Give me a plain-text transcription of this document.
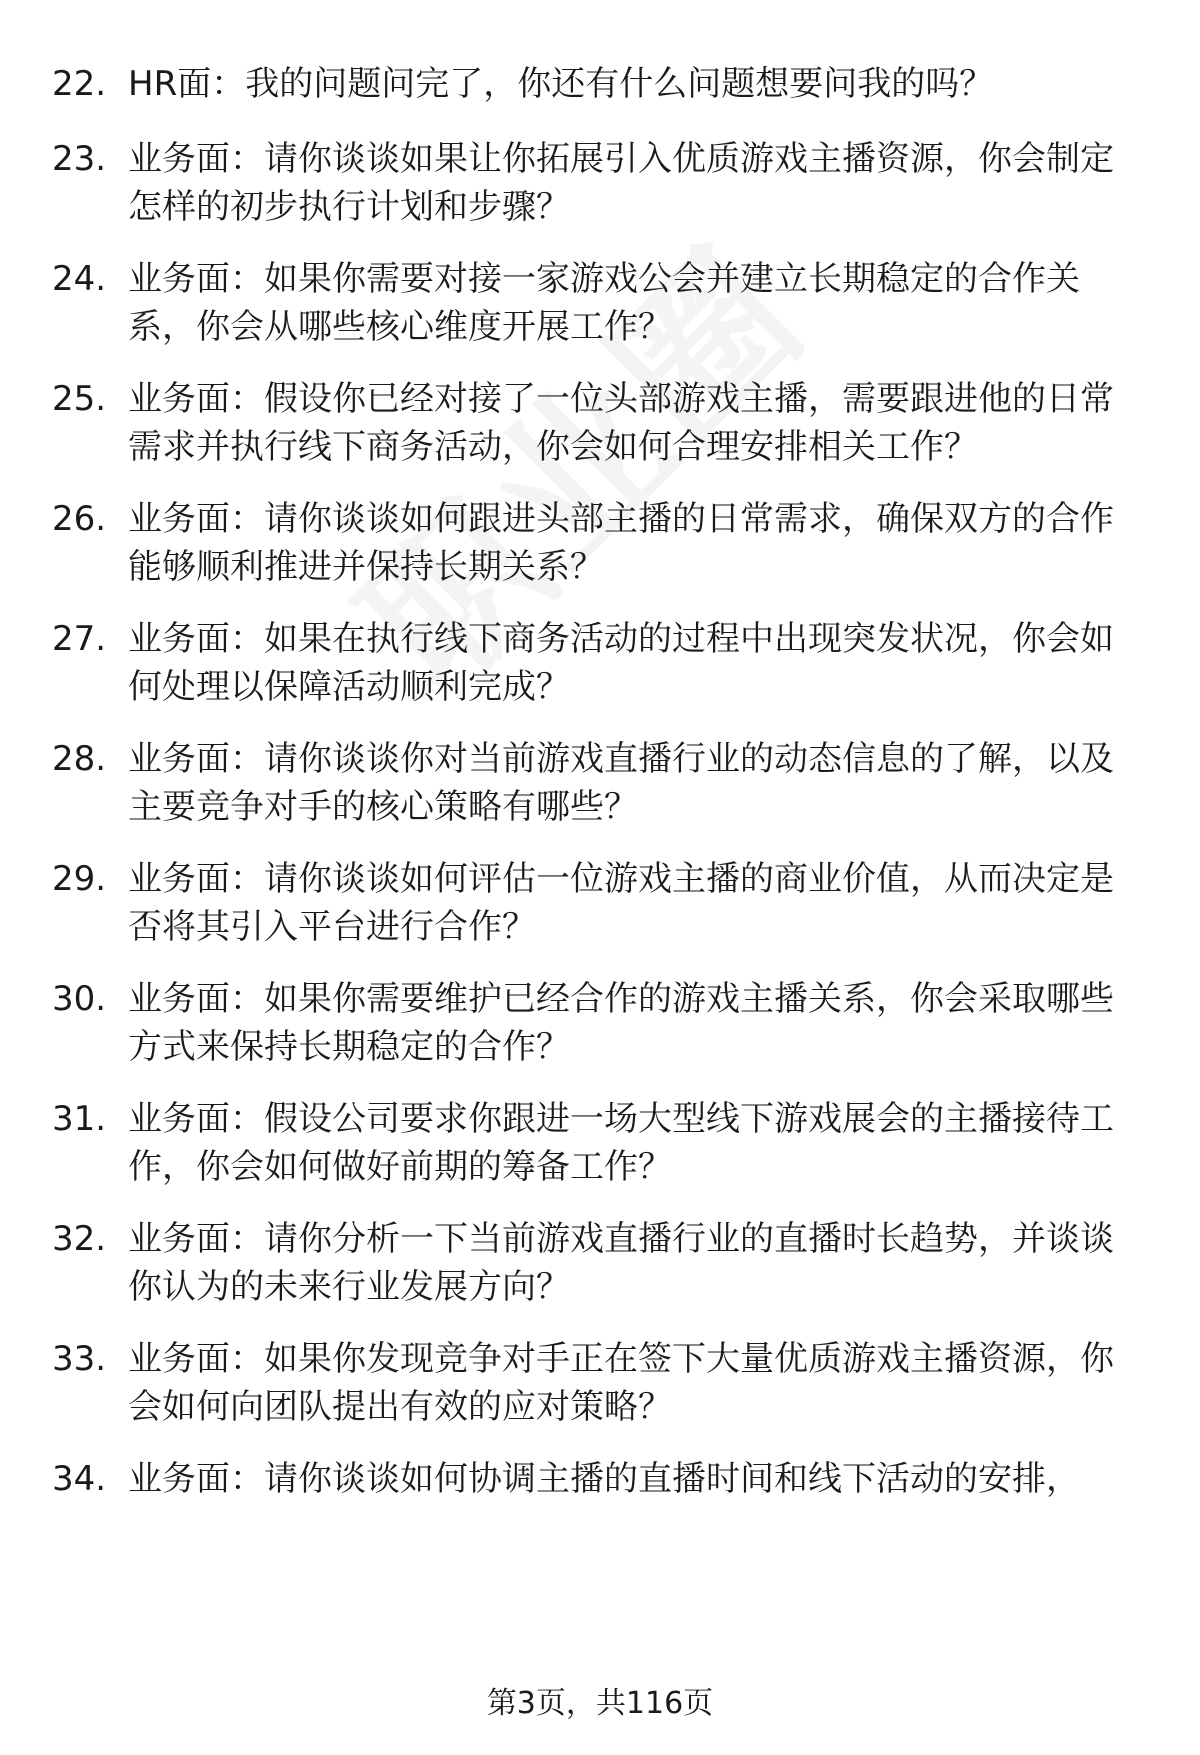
22. HR面：我的问题问完了，你还有什么问题想要问我的吗？
23. 业务面：请你谈谈如果让你拓展引入优质游戏主播资源，你会制定怎样的初步执行计划和步骤？
24. 业务面：如果你需要对接一家游戏公会并建立长期稳定的合作关系，你会从哪些核心维度开展工作？
25. 业务面：假设你已经对接了一位头部游戏主播，需要跟进他的日常需求并执行线下商务活动，你会如何合理安排相关工作？
26. 业务面：请你谈谈如何跟进头部主播的日常需求，确保双方的合作能够顺利推进并保持长期关系？
27. 业务面：如果在执行线下商务活动的过程中出现突发状况，你会如何处理以保障活动顺利完成？
28. 业务面：请你谈谈你对当前游戏直播行业的动态信息的了解，以及主要竞争对手的核心策略有哪些？
29. 业务面：请你谈谈如何评估一位游戏主播的商业价值，从而决定是否将其引入平台进行合作？
30. 业务面：如果你需要维护已经合作的游戏主播关系，你会采取哪些方式来保持长期稳定的合作？
31. 业务面：假设公司要求你跟进一场大型线下游戏展会的主播接待工作，你会如何做好前期的筹备工作？
32. 业务面：请你分析一下当前游戏直播行业的直播时长趋势，并谈谈你认为的未来行业发展方向？
33. 业务面：如果你发现竞争对手正在签下大量优质游戏主播资源，你会如何向团队提出有效的应对策略？
34. 业务面：请你谈谈如何协调主播的直播时间和线下活动的安排，
第3页，共116页
